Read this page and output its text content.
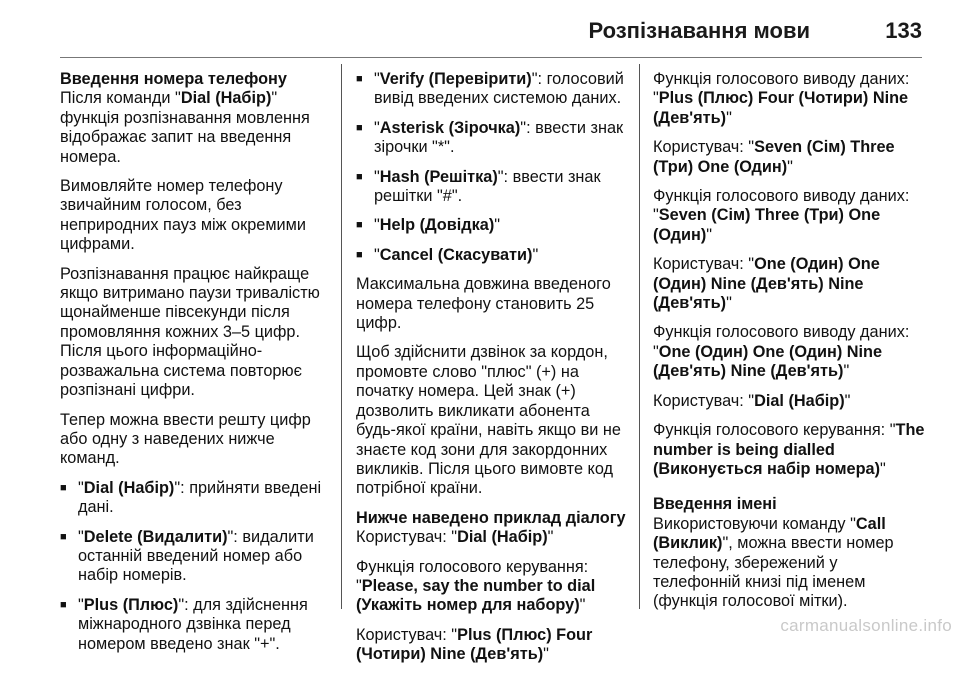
Розпізнавання мови	133
Введення номера телефону

Після команди "Dial (Набір)" функція розпізнавання мовлення відображає запит на введення номера.

Вимовляйте номер телефону звичайним голосом, без неприродних пауз між окремими цифрами.

Розпізнавання працює найкраще якщо витримано паузи тривалістю щонайменше півсекунди після промовляння кожних 3–5 цифр. Після цього інформаційно-розважальна система повторює розпізнані цифри.

Тепер можна ввести решту цифр або одну з наведених нижче команд.

■ "Dial (Набір)": прийняти введені дані.
■ "Delete (Видалити)": видалити останній введений номер або набір номерів.
■ "Plus (Плюс)": для здійснення міжнародного дзвінка перед номером введено знак "+".
■ "Verify (Перевірити)": голосовий вивід введених системою даних.
■ "Asterisk (Зірочка)": ввести знак зірочки "*".
■ "Hash (Решітка)": ввести знак решітки "#".
■ "Help (Довідка)"
■ "Cancel (Скасувати)"

Максимальна довжина введеного номера телефону становить 25 цифр.

Щоб здійснити дзвінок за кордон, промовте слово "плюс" (+) на початку номера. Цей знак (+) дозволить викликати абонента будь-якої країни, навіть якщо ви не знаєте код зони для закордонних викликів. Після цього вимовте код потрібної країни.

Нижче наведено приклад діалогу

Користувач: "Dial (Набір)"

Функція голосового керування: "Please, say the number to dial (Укажіть номер для набору)"

Користувач: "Plus (Плюс) Four (Чотири) Nine (Дев'ять)"

Функція голосового виводу даних: "Plus (Плюс) Four (Чотири) Nine (Дев'ять)"

Користувач: "Seven (Сім) Three (Три) One (Один)"

Функція голосового виводу даних: "Seven (Сім) Three (Три) One (Один)"

Користувач: "One (Один) One (Один) Nine (Дев'ять) Nine (Дев'ять)"

Функція голосового виводу даних: "One (Один) One (Один) Nine (Дев'ять) Nine (Дев'ять)"

Користувач: "Dial (Набір)"

Функція голосового керування: "The number is being dialled (Виконується набір номера)"

Введення імені

Використовуючи команду "Call (Виклик)", можна ввести номер телефону, збережений у телефонній книзі під іменем (функція голосової мітки).

carmanualsonline.info
